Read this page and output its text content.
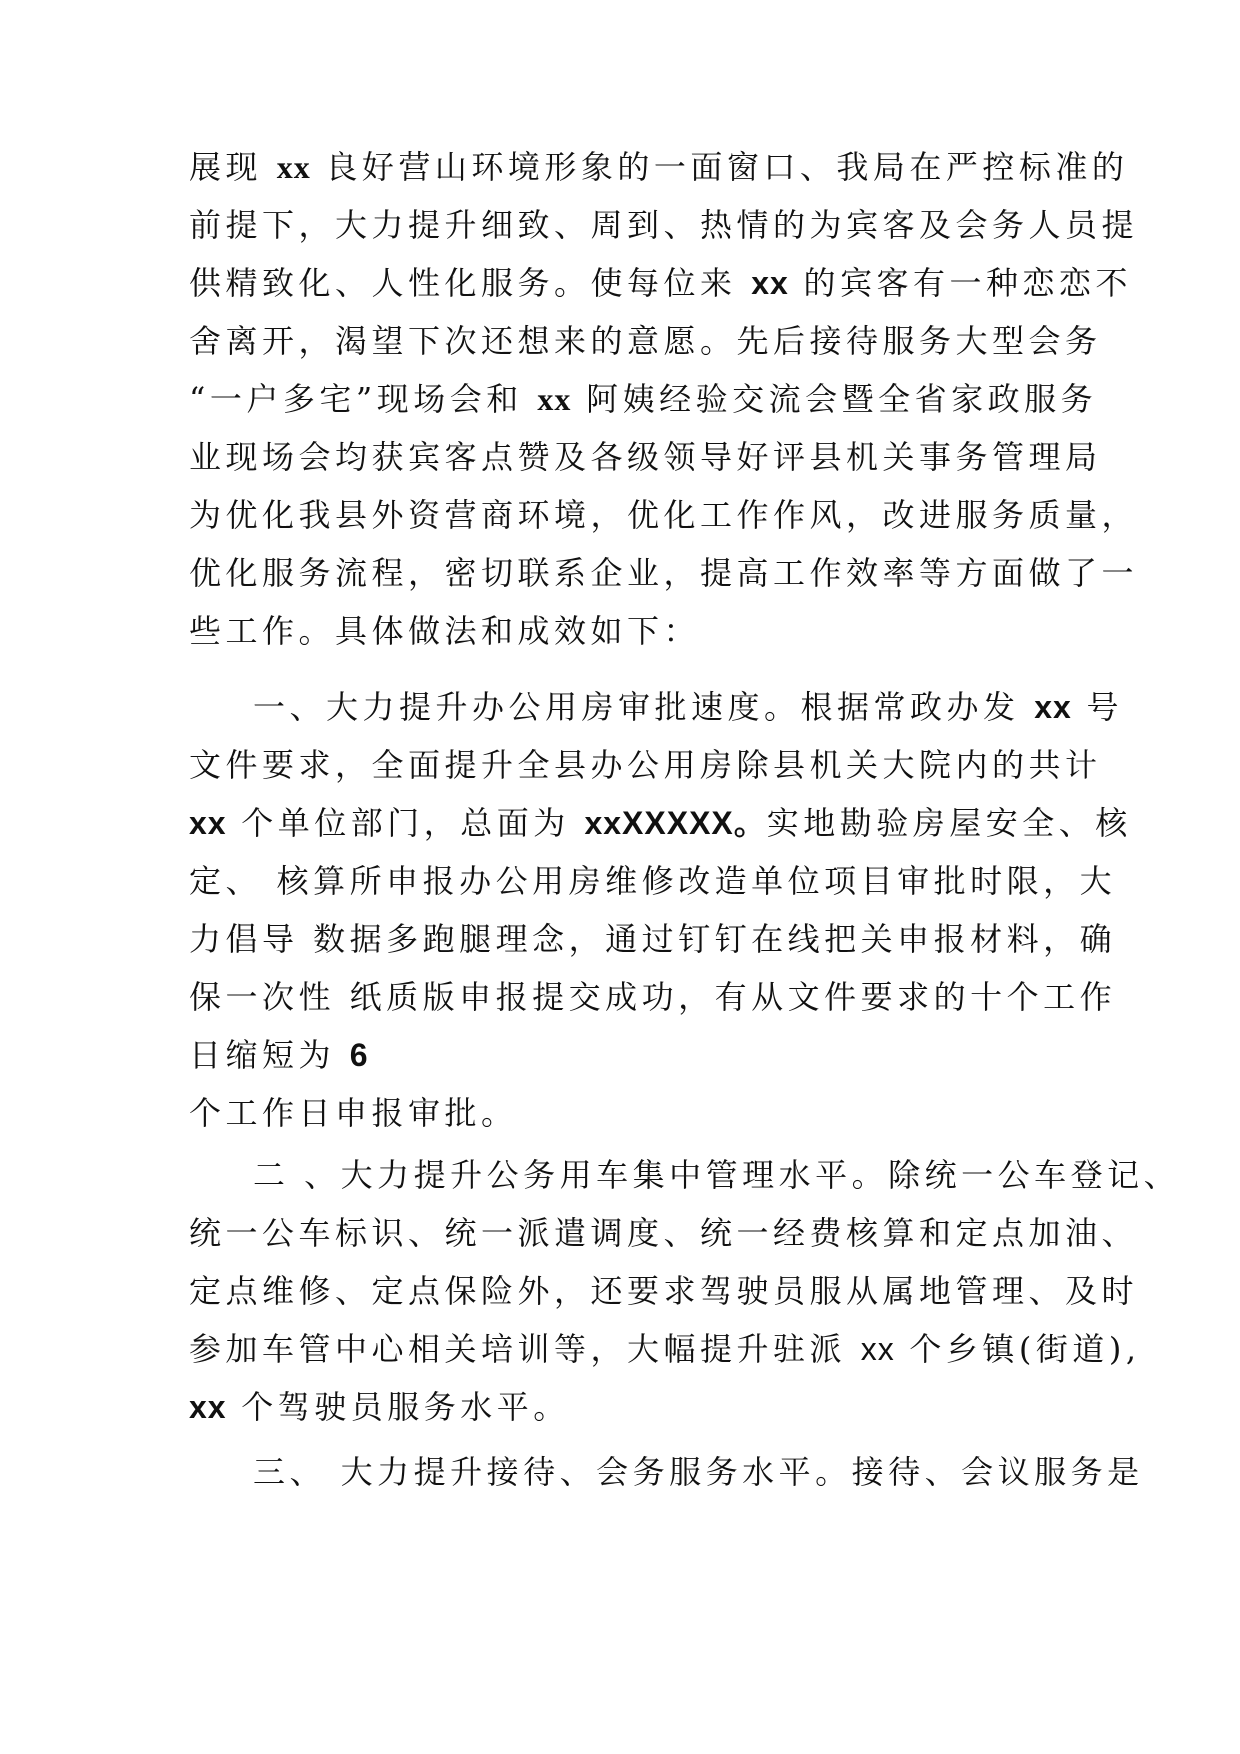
展现 xx 良好营山环境形象的一面窗口、我局在严控标准的
前提下，大力提升细致、周到、热情的为宾客及会务人员提
供精致化、人性化服务。使每位来 xx 的宾客有一种恋恋不
舍离开，渴望下次还想来的意愿。先后接待服务大型会务
“一户多宅”现场会和 xx 阿姨经验交流会暨全省家政服务
业现场会均获宾客点赞及各级领导好评县机关事务管理局
为优化我县外资营商环境，优化工作作风，改进服务质量，
优化服务流程，密切联系企业，提高工作效率等方面做了一
些工作。具体做法和成效如下：
一、大力提升办公用房审批速度。根据常政办发 xx 号
文件要求，全面提升全县办公用房除县机关大院内的共计
xx 个单位部门，总面为 xxXXXXX。实地勘验房屋安全、核
定、 核算所申报办公用房维修改造单位项目审批时限，大
力倡导 数据多跑腿理念，通过钉钉在线把关申报材料，确
保一次性 纸质版申报提交成功，有从文件要求的十个工作
日缩短为 6
个工作日申报审批。
二 、大力提升公务用车集中管理水平。除统一公车登记、
统一公车标识、统一派遣调度、统一经费核算和定点加油、
定点维修、定点保险外，还要求驾驶员服从属地管理、及时
参加车管中心相关培训等，大幅提升驻派 xx 个乡镇(街道),
xx 个驾驶员服务水平。
三、 大力提升接待、会务服务水平。接待、会议服务是
